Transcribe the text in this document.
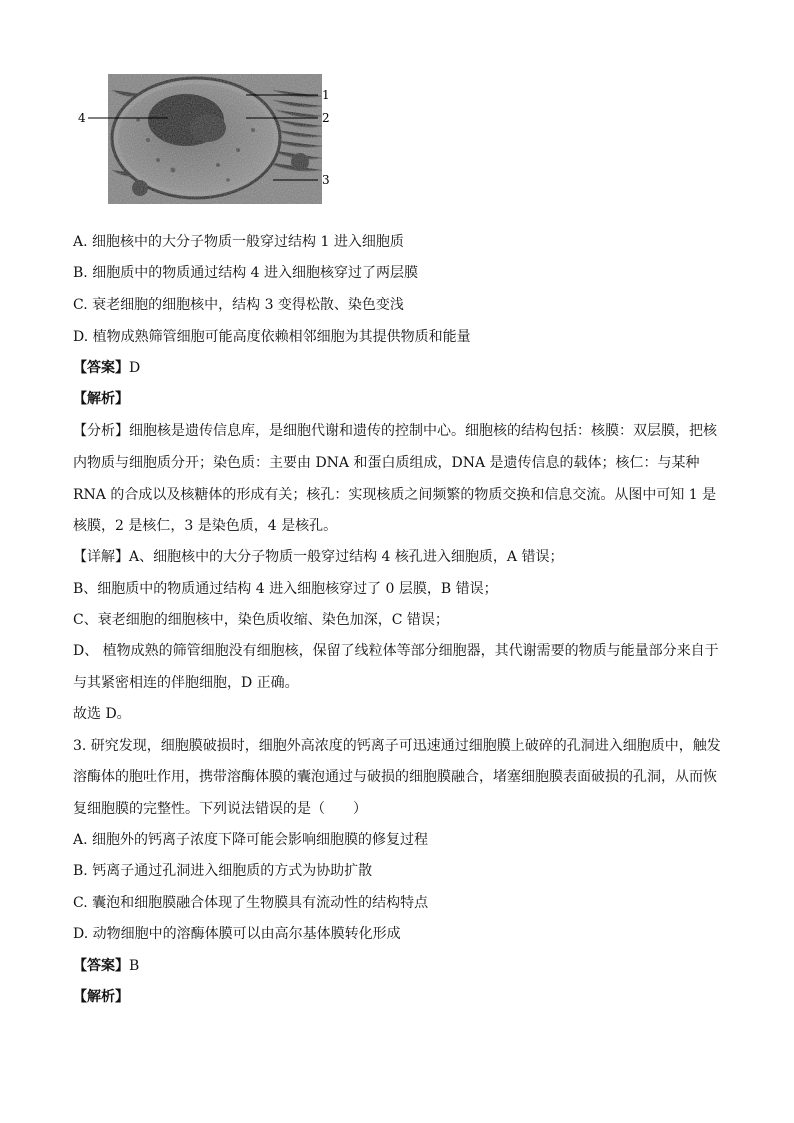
4
1
2
3
A. 细胞核中的大分子物质一般穿过结构 1 进入细胞质
B. 细胞质中的物质通过结构 4 进入细胞核穿过了两层膜
C. 衰老细胞的细胞核中，结构 3 变得松散、染色变浅
D. 植物成熟筛管细胞可能高度依赖相邻细胞为其提供物质和能量
【答案】D
【解析】
【分析】细胞核是遗传信息库，是细胞代谢和遗传的控制中心。细胞核的结构包括：核膜：双层膜，把核
内物质与细胞质分开；染色质：主要由 DNA 和蛋白质组成，DNA 是遗传信息的载体；核仁：与某种
RNA 的合成以及核糖体的形成有关；核孔：实现核质之间频繁的物质交换和信息交流。从图中可知 1 是
核膜，2 是核仁，3 是染色质，4 是核孔。
【详解】A、细胞核中的大分子物质一般穿过结构 4 核孔进入细胞质，A 错误；
B、细胞质中的物质通过结构 4 进入细胞核穿过了 0 层膜，B 错误；
C、衰老细胞的细胞核中，染色质收缩、染色加深，C 错误；
D、 植物成熟的筛管细胞没有细胞核，保留了线粒体等部分细胞器，其代谢需要的物质与能量部分来自于
与其紧密相连的伴胞细胞，D 正确。
故选 D。
3. 研究发现，细胞膜破损时，细胞外高浓度的钙离子可迅速通过细胞膜上破碎的孔洞进入细胞质中，触发
溶酶体的胞吐作用，携带溶酶体膜的囊泡通过与破损的细胞膜融合，堵塞细胞膜表面破损的孔洞，从而恢
复细胞膜的完整性。下列说法错误的是（　　）
A. 细胞外的钙离子浓度下降可能会影响细胞膜的修复过程
B. 钙离子通过孔洞进入细胞质的方式为协助扩散
C. 囊泡和细胞膜融合体现了生物膜具有流动性的结构特点
D. 动物细胞中的溶酶体膜可以由高尔基体膜转化形成
【答案】B
【解析】
